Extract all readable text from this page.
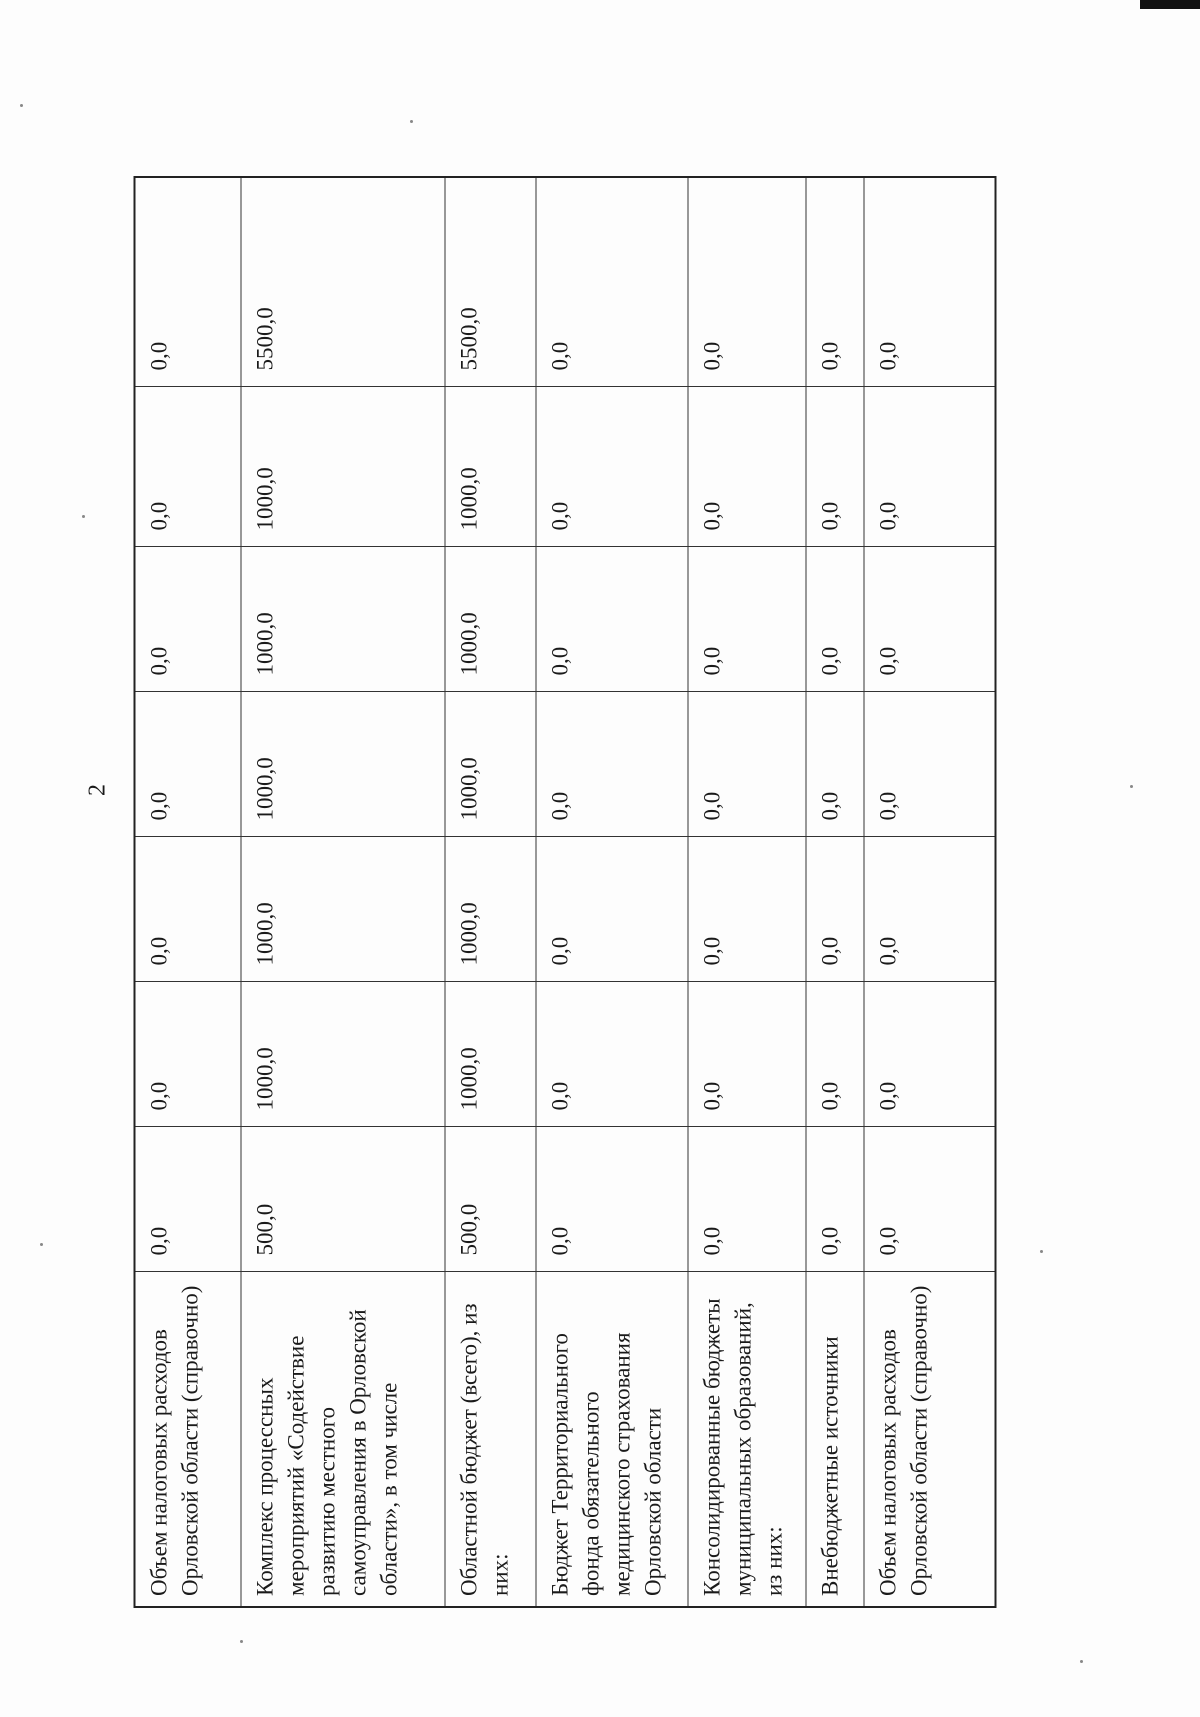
2
Объем налоговых расходов Орловской области (справочно)	0,0	0,0	0,0	0,0	0,0	0,0	0,0
Комплекс процессных мероприятий «Содействие развитию местного самоуправления в Орловской области», в том числе	500,0	1000,0	1000,0	1000,0	1000,0	1000,0	5500,0
Областной бюджет (всего), из них:	500,0	1000,0	1000,0	1000,0	1000,0	1000,0	5500,0
Бюджет Территориального фонда обязательного медицинского страхования Орловской области	0,0	0,0	0,0	0,0	0,0	0,0	0,0
Консолидированные бюджеты муниципальных образований, из них:	0,0	0,0	0,0	0,0	0,0	0,0	0,0
Внебюджетные источники	0,0	0,0	0,0	0,0	0,0	0,0	0,0
Объем налоговых расходов Орловской области (справочно)	0,0	0,0	0,0	0,0	0,0	0,0	0,0
